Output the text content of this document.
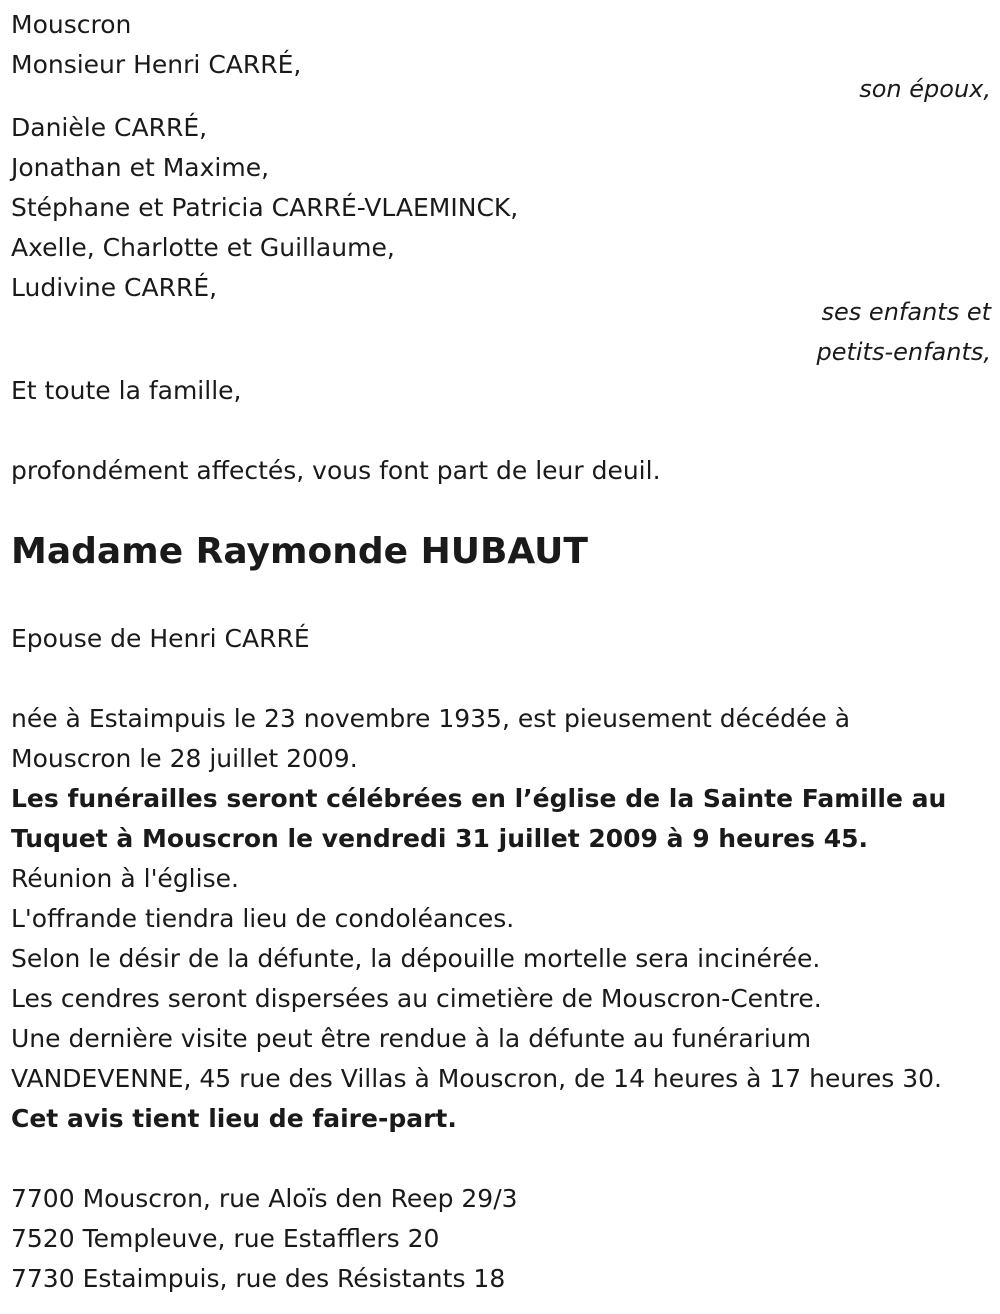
Mouscron

Monsieur Henri CARRÉ,

son époux,

Danièle CARRÉ,

Jonathan et Maxime,

Stéphane et Patricia CARRÉ-VLAEMINCK,

Axelle, Charlotte et Guillaume,

Ludivine CARRÉ,

ses enfants et

petits-enfants,

Et toute la famille,

profondément affectés, vous font part de leur deuil.

Madame Raymonde HUBAUT

Epouse de Henri CARRÉ

née à Estaimpuis le 23 novembre 1935, est pieusement décédée à

Mouscron le 28 juillet 2009.

Les funérailles seront célébrées en l’église de la Sainte Famille au

Tuquet à Mouscron le vendredi 31 juillet 2009 à 9 heures 45.

Réunion à l'église.

L'offrande tiendra lieu de condoléances.

Selon le désir de la défunte, la dépouille mortelle sera incinérée.

Les cendres seront dispersées au cimetière de Mouscron-Centre.

Une dernière visite peut être rendue à la défunte au funérarium

VANDEVENNE, 45 rue des Villas à Mouscron, de 14 heures à 17 heures 30.

Cet avis tient lieu de faire-part.

7700 Mouscron, rue Aloïs den Reep 29/3

7520 Templeuve, rue Estafflers 20

7730 Estaimpuis, rue des Résistants 18
